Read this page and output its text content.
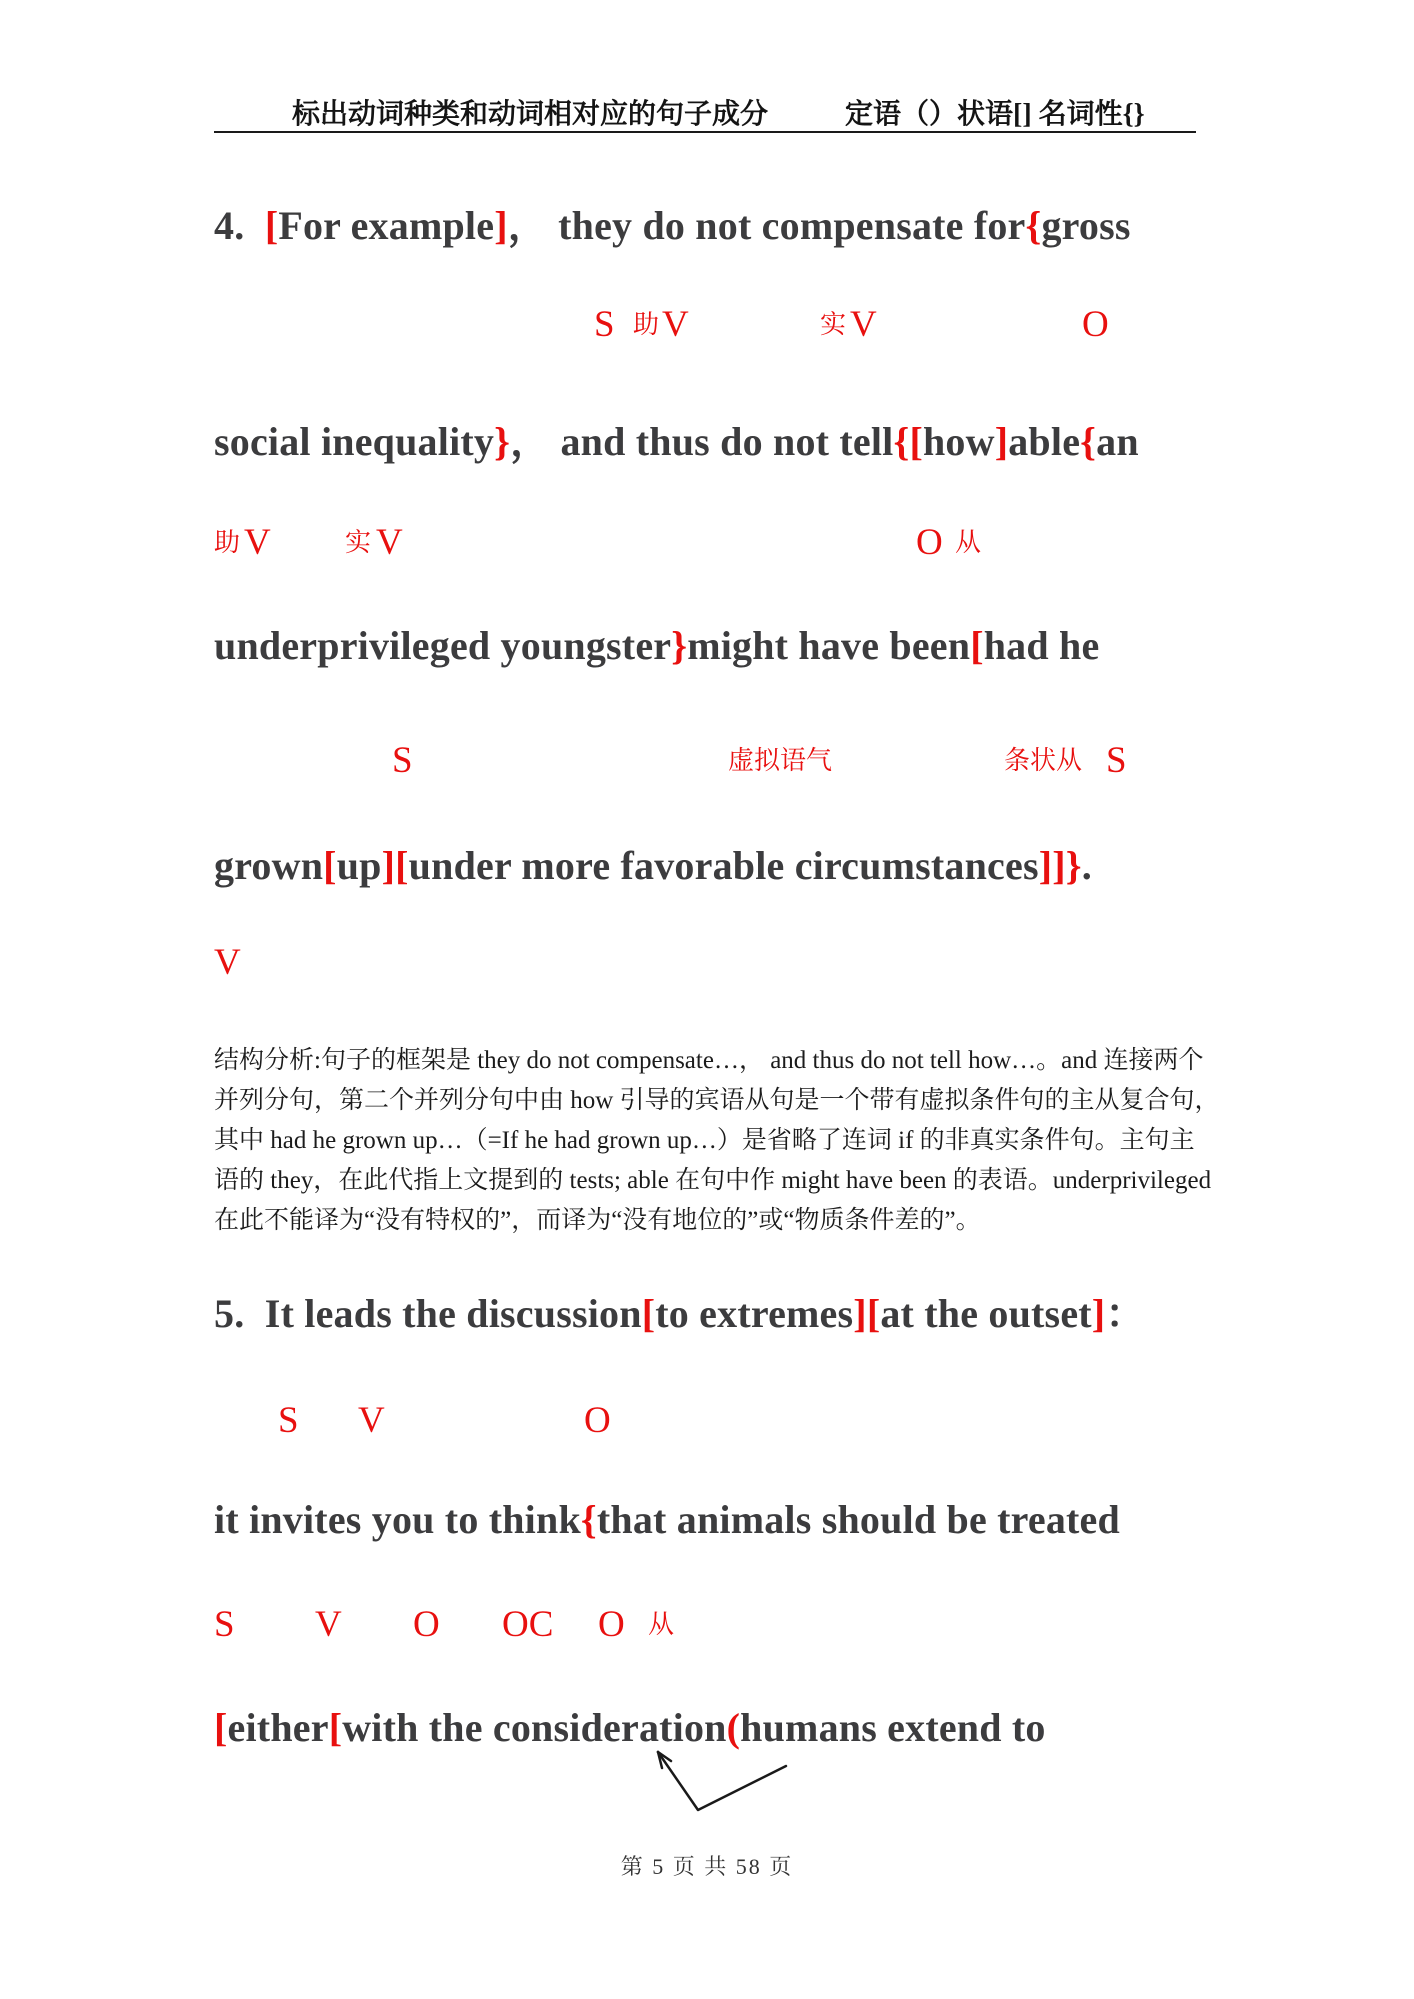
标出动词种类和动词相对应的句子成分	定语（）状语[] 名词性{}
4.  [For example]， they do not compensate for{gross
S 助 V	实 V	O
social inequality}， and thus do not tell{[how]able{an
助 V	实 V	O 从
underprivileged youngster}might have been[had he
S	虚拟语气	条状从 S
grown[up][under more favorable circumstances]]}.
V
结构分析:句子的框架是 they do not compensate…， and thus do not tell how…。and 连接两个
并列分句，第二个并列分句中由 how 引导的宾语从句是一个带有虚拟条件句的主从复合句，
其中 had he grown up…（=If he had grown up…）是省略了连词 if 的非真实条件句。主句主
语的 they，在此代指上文提到的 tests; able 在句中作 might have been 的表语。underprivileged
在此不能译为“没有特权的”，而译为“没有地位的”或“物质条件差的”。
5.  It leads the discussion[to extremes][at the outset]：
S V	O
it invites you to think{that animals should be treated
S V O OC O 从
[either[with the consideration(humans extend to
第 5 页 共 58 页
